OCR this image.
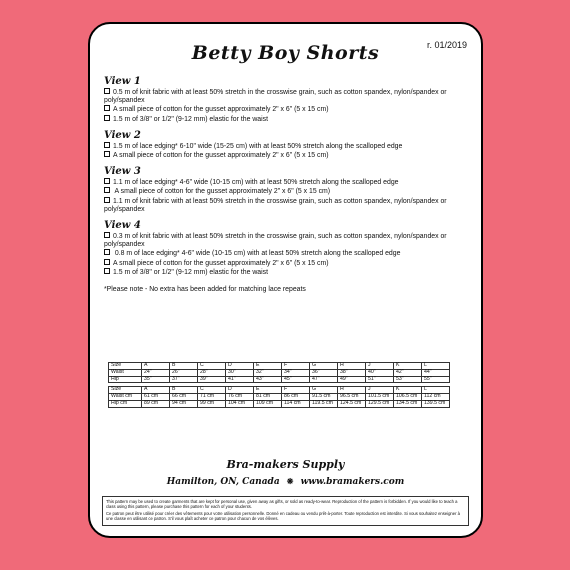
r. 01/2019
Betty Boy Shorts
View 1
0.5 m of knit fabric with at least 50% stretch in the crosswise grain, such as cotton spandex, nylon/spandex or poly/spandex
A small piece of cotton for the gusset approximately 2" x 6" (5 x 15 cm)
1.5 m of 3/8" or 1/2" (9-12 mm) elastic for the waist
View 2
1.5 m of lace edging* 6-10" wide (15-25 cm) with at least 50% stretch along the scalloped edge
A small piece of cotton for the gusset approximately 2" x 6" (5 x 15 cm)
View 3
1.1 m of lace edging* 4-6" wide (10-15 cm) with at least 50% stretch along the scalloped edge
A small piece of cotton for the gusset approximately 2" x 6" (5 x 15 cm)
1.1 m of knit fabric with at least 50% stretch in the crosswise grain, such as cotton spandex, nylon/spandex or poly/spandex
View 4
0.3 m of knit fabric with at least 50% stretch in the crosswise grain, such as cotton spandex, nylon/spandex or poly/spandex
0.8 m of lace edging* 4-6" wide (10-15 cm) with at least 50% stretch along the scalloped edge
A small piece of cotton for the gusset approximately 2" x 6" (5 x 15 cm)
1.5 m of 3/8" or 1/2" (9-12 mm) elastic for the waist
*Please note - No extra has been added for matching lace repeats
Size	A	B	C	D	E	F	G	H	J	K	L
Waist	24"	26"	28"	30"	32"	34"	36"	38"	40"	42"	44"
Hip	35"	37"	39"	41"	43"	45"	47"	49"	51"	53"	55"

Size	A	B	C	D	E	F	G	H	J	K	L
Waist cm	61 cm	66 cm	71 cm	76 cm	81 cm	86 cm	91.5 cm	96.5 cm	101.5 cm	106.5 cm	112 cm
Hip cm	89 cm	94 cm	99 cm	104 cm	109 cm	114 cm	119.5 cm	124.5 cm	129.5 cm	134.5 cm	139.5 cm
Bra-makers Supply
Hamilton, ON, Canada ❋ www.bramakers.com

This pattern may be used to create garments that are kept for personal use, given away as gifts, or sold as ready-to-wear. Reproduction of the pattern is forbidden. If you would like to teach a class using this pattern, please purchase this pattern for each of your students.

Ce patron peut être utilisé pour créer des vêtements pour votre utilisation personnelle. Donné en cadeau ou vendu prêt-à-porter. Toute reproduction est interdite. Si vous souhaitez enseigner à une classe en utilisant ce patron. S'il vous plaît acheter ce patron pour chacun de vos élèves.
